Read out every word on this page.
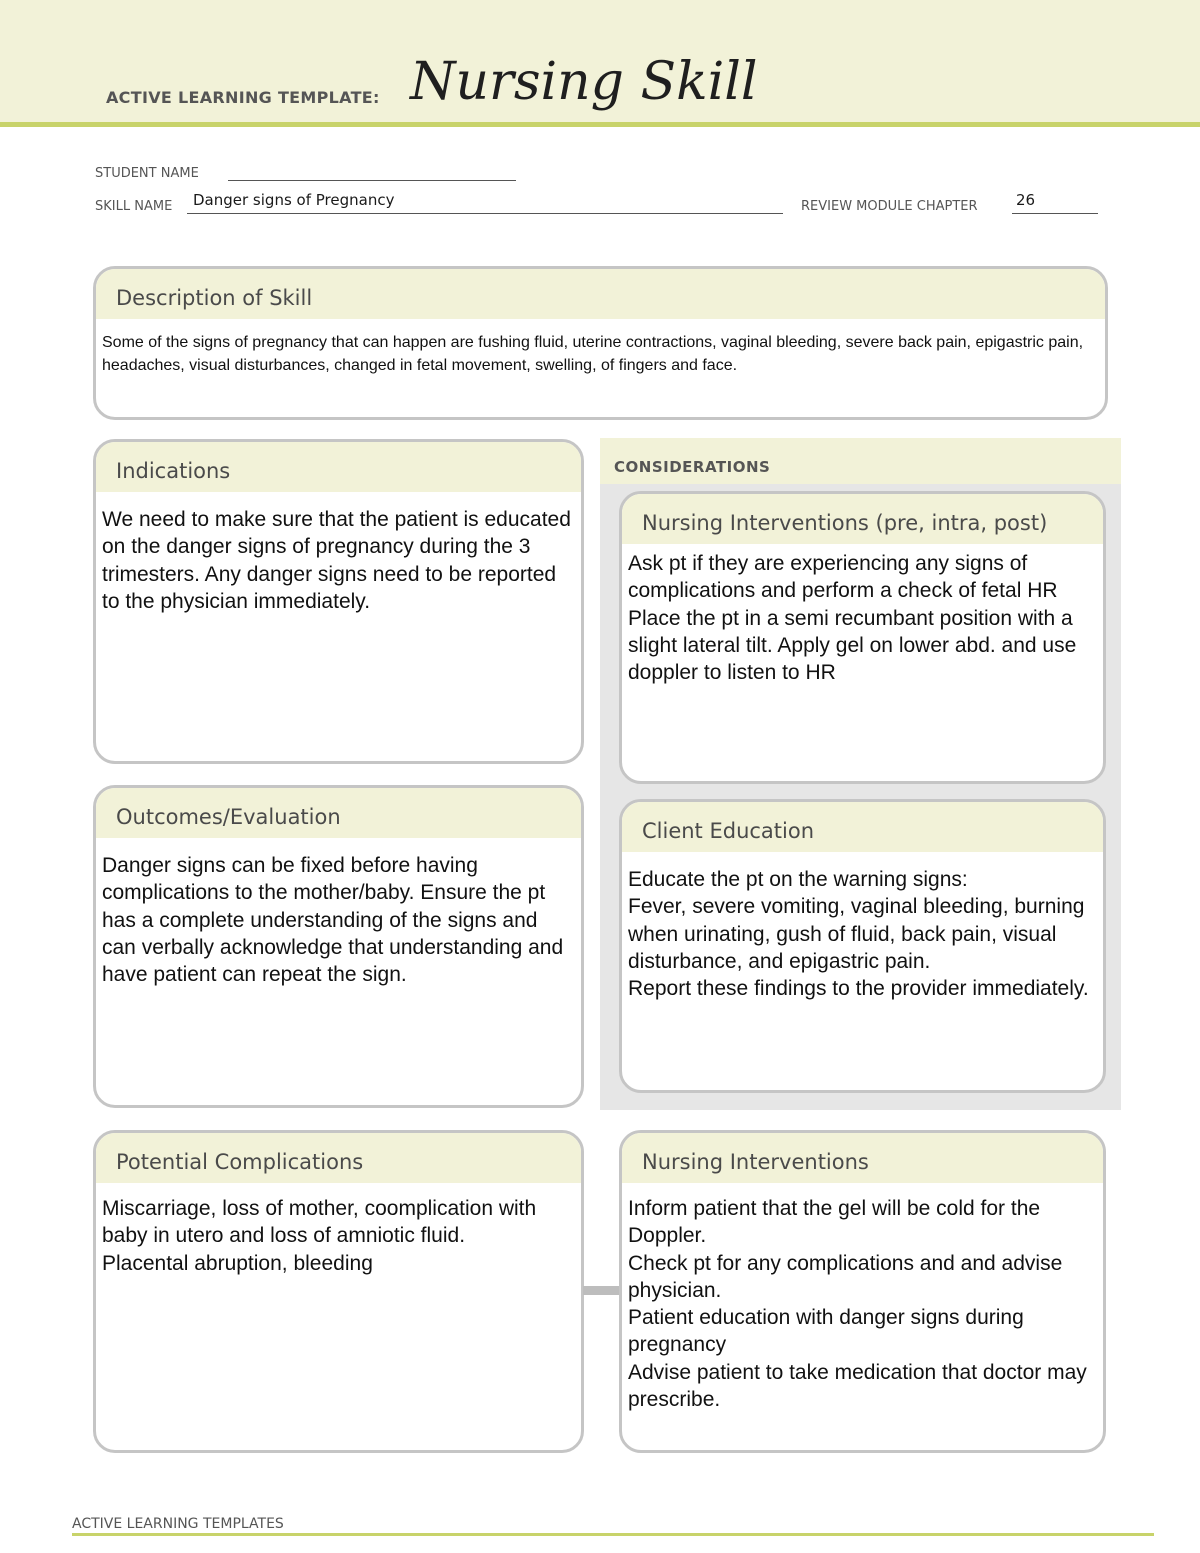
ACTIVE LEARNING TEMPLATE: Nursing Skill
STUDENT NAME
SKILL NAME Danger signs of Pregnancy	REVIEW MODULE CHAPTER	26
Description of Skill
Some of the signs of pregnancy that can happen are fushing fluid, uterine contractions, vaginal bleeding, severe back pain, epigastric pain, headaches, visual disturbances, changed in fetal movement, swelling, of fingers and face.
CONSIDERATIONS
Indications
We need to make sure that the patient is educated on the danger signs of pregnancy during the 3 trimesters. Any danger signs need to be reported to the physician immediately.
Nursing Interventions (pre, intra, post)
Ask pt if they are experiencing any signs of complications and perform a check of fetal HR
Place the pt in a semi recumbant position with a slight lateral tilt. Apply gel on lower abd. and use doppler to listen to HR
Outcomes/Evaluation
Danger signs can be fixed before having complications to the mother/baby. Ensure the pt has a complete understanding of the signs and can verbally acknowledge that understanding and have patient can repeat the sign.
Client Education
Educate the pt on the warning signs:
Fever, severe vomiting, vaginal bleeding, burning when urinating, gush of fluid, back pain, visual disturbance, and epigastric pain.
Report these findings to the provider immediately.
Potential Complications
Miscarriage, loss of mother, coomplication with baby in utero and loss of amniotic fluid.
Placental abruption, bleeding
Nursing Interventions
Inform patient that the gel will be cold for the Doppler.
Check pt for any complications and and advise physician.
Patient education with danger signs during pregnancy
Advise patient to take medication that doctor may prescribe.
ACTIVE LEARNING TEMPLATES
